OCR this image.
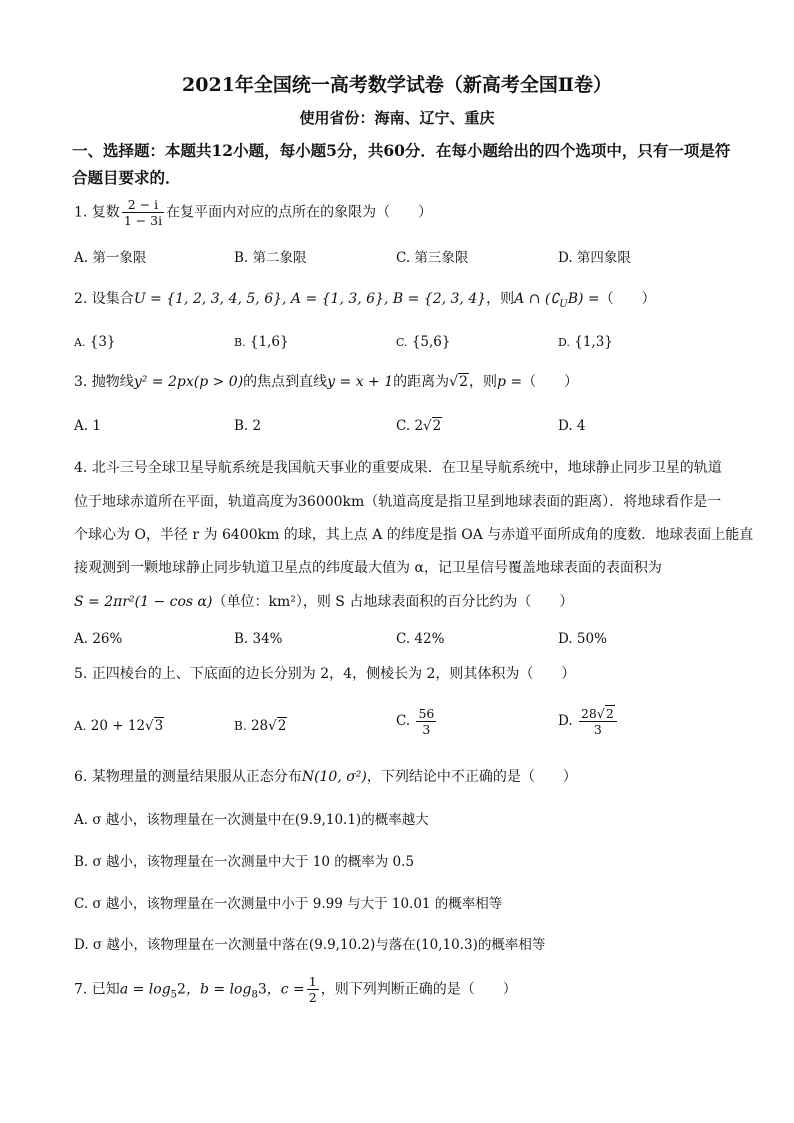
2021年全国统一高考数学试卷（新高考全国Ⅱ卷）
使用省份：海南、辽宁、重庆
一、选择题：本题共12小题，每小题5分，共60分．在每小题给出的四个选项中，只有一项是符合题目要求的．
1. 复数 $\frac{2 - i}{1 - 3i}$ 在复平面内对应的点所在的象限为（　　）
A. 第一象限	B. 第二象限	C. 第三象限	D. 第四象限
2. 设集合U = {1, 2, 3, 4, 5, 6}, A = {1, 3, 6}, B = {2, 3, 4}，则A ∩ $(∁_UB)$ =（　　）
A. {3}	B. {1,6}	C. {5,6}	D. {1,3}
3. 抛物线y² = 2px(p > 0)的焦点到直线y = x + 1的距离为√2，则p =（　　）
A. 1	B. 2	C. 2√2	D. 4
4. 北斗三号全球卫星导航系统是我国航天事业的重要成果．在卫星导航系统中，地球静止同步卫星的轨道
位于地球赤道所在平面，轨道高度为36000km（轨道高度是指卫星到地球表面的距离）．将地球看作是一
个球心为 O，半径 r 为 6400km 的球，其上点 A 的纬度是指 OA 与赤道平面所成角的度数．地球表面上能直
接观测到一颗地球静止同步轨道卫星点的纬度最大值为 α，记卫星信号覆盖地球表面的表面积为
S = 2πr²(1 − cos α)（单位：km²），则 S 占地球表面积的百分比约为（　　）
A. 26%	B. 34%	C. 42%	D. 50%
5. 正四棱台的上、下底面的边长分别为 2，4，侧棱长为 2，则其体积为（　　）
A. 20 + 12√3	B. 28√2	C. $\frac{56}{3}$	D. $\frac{28√2}{3}$
6. 某物理量的测量结果服从正态分布N(10, σ²)，下列结论中不正确的是（　　）
A. σ 越小，该物理量在一次测量中在(9.9,10.1)的概率越大
B. σ 越小，该物理量在一次测量中大于 10 的概率为 0.5
C. σ 越小，该物理量在一次测量中小于 9.99 与大于 10.01 的概率相等
D. σ 越小，该物理量在一次测量中落在(9.9,10.2)与落在(10,10.3)的概率相等
7. 已知$a = \log_52$，$b = \log_83$，$c = \frac{1}{2}$ ，则下列判断正确的是（　　）
